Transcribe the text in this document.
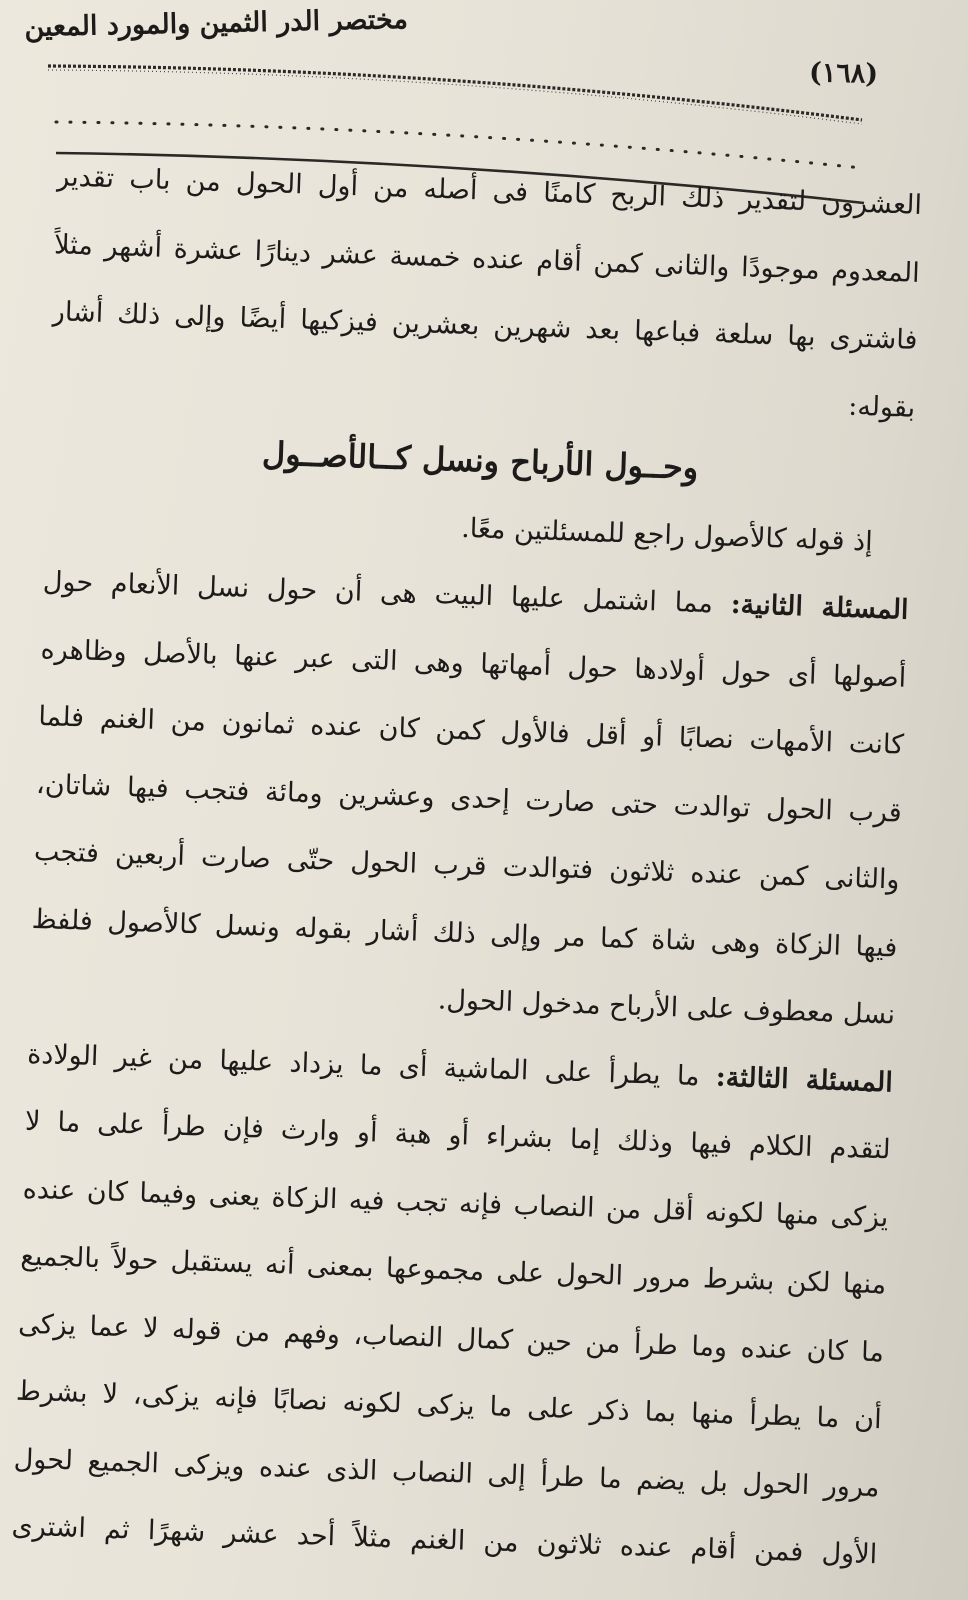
مختصر الدر الثمين والمورد المعين
(١٦٨)
العشرون لتقدير ذلك الربح كامنًا فى أصله من أول الحول من باب تقدير
المعدوم موجودًا والثانى كمن أقام عنده خمسة عشر دينارًا عشرة أشهر مثلاً
فاشترى بها سلعة فباعها بعد شهرين بعشرين فيزكيها أيضًا وإلى ذلك أشار
بقوله:
وحــول الأرباح ونسل كــالأصــول
إذ قوله كالأصول راجع للمسئلتين معًا.
المسئلة الثانية: مما اشتمل عليها البيت هى أن حول نسل الأنعام حول
أصولها أى حول أولادها حول أمهاتها وهى التى عبر عنها بالأصل وظاهره
كانت الأمهات نصابًا أو أقل فالأول كمن كان عنده ثمانون من الغنم فلما
قرب الحول توالدت حتى صارت إحدى وعشرين ومائة فتجب فيها شاتان،
والثانى كمن عنده ثلاثون فتوالدت قرب الحول حتّى صارت أربعين فتجب
فيها الزكاة وهى شاة كما مر وإلى ذلك أشار بقوله ونسل كالأصول فلفظ
نسل معطوف على الأرباح مدخول الحول.
المسئلة الثالثة: ما يطرأ على الماشية أى ما يزداد عليها من غير الولادة
لتقدم الكلام فيها وذلك إما بشراء أو هبة أو وارث فإن طرأ على ما لا
يزكى منها لكونه أقل من النصاب فإنه تجب فيه الزكاة يعنى وفيما كان عنده
منها لكن بشرط مرور الحول على مجموعها بمعنى أنه يستقبل حولاً بالجميع
ما كان عنده وما طرأ من حين كمال النصاب، وفهم من قوله لا عما يزكى
أن ما يطرأ منها بما ذكر على ما يزكى لكونه نصابًا فإنه يزكى، لا بشرط
مرور الحول بل يضم ما طرأ إلى النصاب الذى عنده ويزكى الجميع لحول
الأول فمن أقام عنده ثلاثون من الغنم مثلاً أحد عشر شهرًا ثم اشترى
